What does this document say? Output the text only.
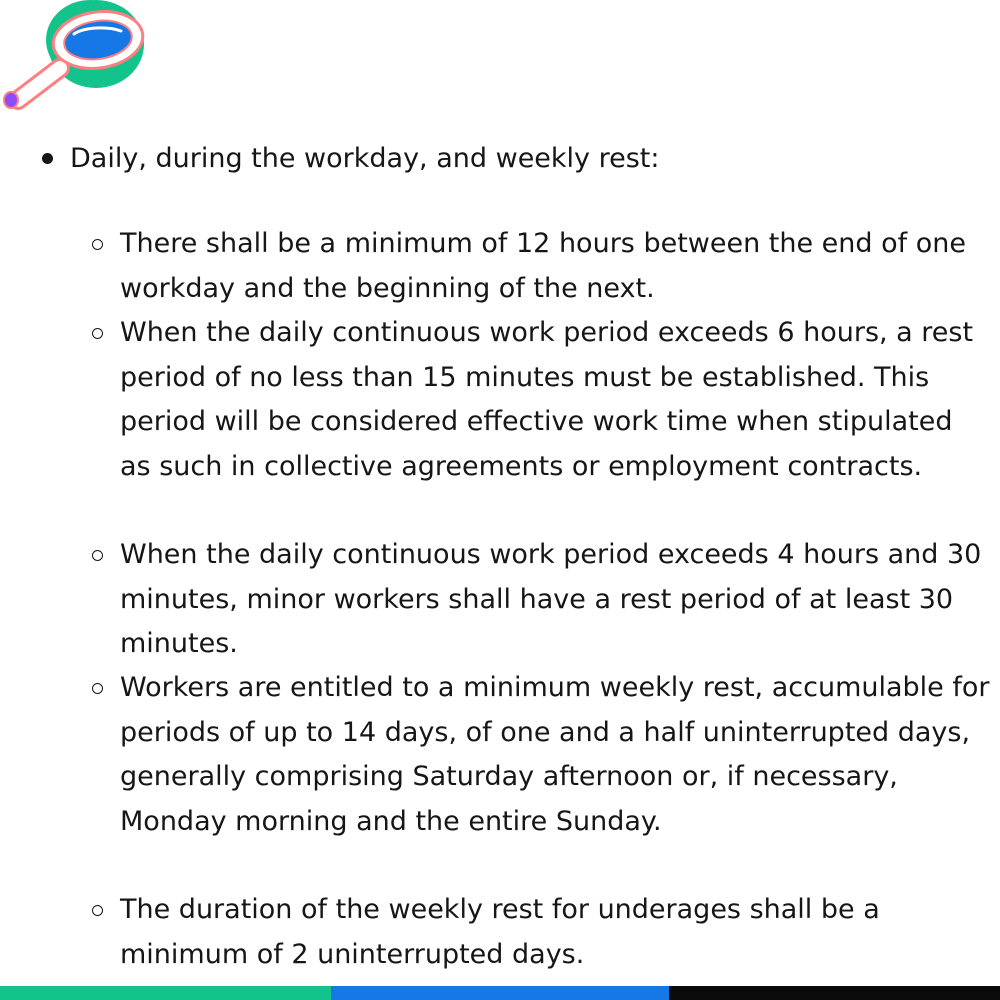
Daily, during the workday, and weekly rest:
There shall be a minimum of 12 hours between the end of one workday and the beginning of the next.
When the daily continuous work period exceeds 6 hours, a rest period of no less than 15 minutes must be established. This period will be considered effective work time when stipulated as such in collective agreements or employment contracts.
When the daily continuous work period exceeds 4 hours and 30 minutes, minor workers shall have a rest period of at least 30 minutes.
Workers are entitled to a minimum weekly rest, accumulable for periods of up to 14 days, of one and a half uninterrupted days, generally comprising Saturday afternoon or, if necessary, Monday morning and the entire Sunday.
The duration of the weekly rest for underages shall be a minimum of 2 uninterrupted days.
